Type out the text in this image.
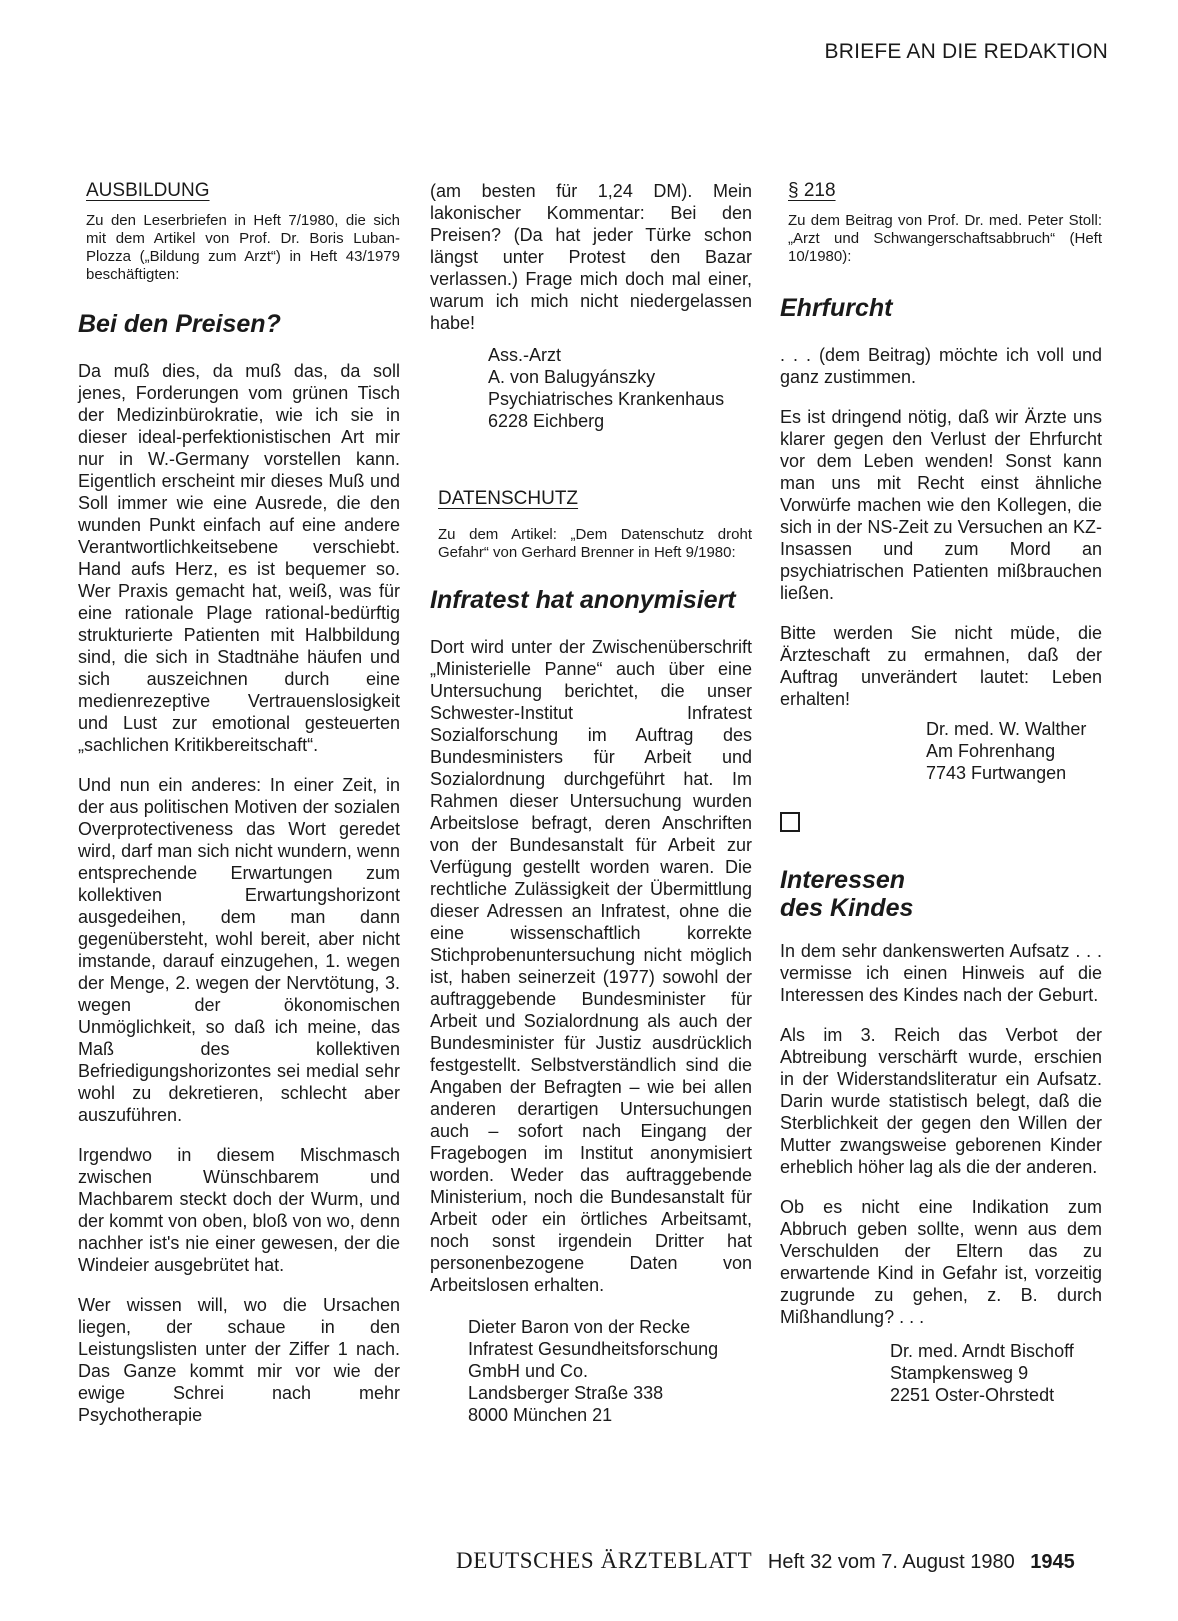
BRIEFE AN DIE REDAKTION
AUSBILDUNG

Zu den Leserbriefen in Heft 7/1980, die sich mit dem Artikel von Prof. Dr. Boris Luban-Plozza („Bildung zum Arzt“) in Heft 43/1979 beschäftigten:

Bei den Preisen?

Da muß dies, da muß das, da soll jenes, Forderungen vom grünen Tisch der Medizinbürokratie, wie ich sie in dieser ideal-perfektionistischen Art mir nur in W.-Germany vorstellen kann. Eigentlich erscheint mir dieses Muß und Soll immer wie eine Ausrede, die den wunden Punkt einfach auf eine andere Verantwortlichkeitsebene verschiebt. Hand aufs Herz, es ist bequemer so. Wer Praxis gemacht hat, weiß, was für eine rationale Plage rational-bedürftig strukturierte Patienten mit Halbbildung sind, die sich in Stadtnähe häufen und sich auszeichnen durch eine medienrezeptive Vertrauenslosigkeit und Lust zur emotional gesteuerten „sachlichen Kritikbereitschaft“.

Und nun ein anderes: In einer Zeit, in der aus politischen Motiven der sozialen Overprotectiveness das Wort geredet wird, darf man sich nicht wundern, wenn entsprechende Erwartungen zum kollektiven Erwartungshorizont ausgedeihen, dem man dann gegenübersteht, wohl bereit, aber nicht imstande, darauf einzugehen, 1. wegen der Menge, 2. wegen der Nervtötung, 3. wegen der ökonomischen Unmöglichkeit, so daß ich meine, das Maß des kollektiven Befriedigungshorizontes sei medial sehr wohl zu dekretieren, schlecht aber auszuführen.

Irgendwo in diesem Mischmasch zwischen Wünschbarem und Machbarem steckt doch der Wurm, und der kommt von oben, bloß von wo, denn nachher ist's nie einer gewesen, der die Windeier ausgebrütet hat.

Wer wissen will, wo die Ursachen liegen, der schaue in den Leistungslisten unter der Ziffer 1 nach. Das Ganze kommt mir vor wie der ewige Schrei nach mehr Psychotherapie

(am besten für 1,24 DM). Mein lakonischer Kommentar: Bei den Preisen? (Da hat jeder Türke schon längst unter Protest den Bazar verlassen.) Frage mich doch mal einer, warum ich mich nicht niedergelassen habe!

Ass.-Arzt
A. von Balugyánszky
Psychiatrisches Krankenhaus
6228 Eichberg
DATENSCHUTZ

Zu dem Artikel: „Dem Datenschutz droht Gefahr“ von Gerhard Brenner in Heft 9/1980:

Infratest hat anonymisiert

Dort wird unter der Zwischenüberschrift „Ministerielle Panne“ auch über eine Untersuchung berichtet, die unser Schwester-Institut Infratest Sozialforschung im Auftrag des Bundesministers für Arbeit und Sozialordnung durchgeführt hat. Im Rahmen dieser Untersuchung wurden Arbeitslose befragt, deren Anschriften von der Bundesanstalt für Arbeit zur Verfügung gestellt worden waren. Die rechtliche Zulässigkeit der Übermittlung dieser Adressen an Infratest, ohne die eine wissenschaftlich korrekte Stichprobenuntersuchung nicht möglich ist, haben seinerzeit (1977) sowohl der auftraggebende Bundesminister für Arbeit und Sozialordnung als auch der Bundesminister für Justiz ausdrücklich festgestellt. Selbstverständlich sind die Angaben der Befragten – wie bei allen anderen derartigen Untersuchungen auch – sofort nach Eingang der Fragebogen im Institut anonymisiert worden. Weder das auftraggebende Ministerium, noch die Bundesanstalt für Arbeit oder ein örtliches Arbeitsamt, noch sonst irgendein Dritter hat personenbezogene Daten von Arbeitslosen erhalten.

Dieter Baron von der Recke
Infratest Gesundheitsforschung
GmbH und Co.
Landsberger Straße 338
8000 München 21
§ 218

Zu dem Beitrag von Prof. Dr. med. Peter Stoll: „Arzt und Schwangerschaftsabbruch“ (Heft 10/1980):

Ehrfurcht

. . . (dem Beitrag) möchte ich voll und ganz zustimmen.

Es ist dringend nötig, daß wir Ärzte uns klarer gegen den Verlust der Ehrfurcht vor dem Leben wenden! Sonst kann man uns mit Recht einst ähnliche Vorwürfe machen wie den Kollegen, die sich in der NS-Zeit zu Versuchen an KZ-Insassen und zum Mord an psychiatrischen Patienten mißbrauchen ließen.

Bitte werden Sie nicht müde, die Ärzteschaft zu ermahnen, daß der Auftrag unverändert lautet: Leben erhalten!

Dr. med. W. Walther
Am Fohrenhang
7743 Furtwangen
Interessen
des Kindes

In dem sehr dankenswerten Aufsatz . . . vermisse ich einen Hinweis auf die Interessen des Kindes nach der Geburt.

Als im 3. Reich das Verbot der Abtreibung verschärft wurde, erschien in der Widerstandsliteratur ein Aufsatz. Darin wurde statistisch belegt, daß die Sterblichkeit der gegen den Willen der Mutter zwangsweise geborenen Kinder erheblich höher lag als die der anderen.

Ob es nicht eine Indikation zum Abbruch geben sollte, wenn aus dem Verschulden der Eltern das zu erwartende Kind in Gefahr ist, vorzeitig zugrunde zu gehen, z. B. durch Mißhandlung? . . .

Dr. med. Arndt Bischoff
Stampkensweg 9
2251 Oster-Ohrstedt
DEUTSCHES ÄRZTEBLATT Heft 32 vom 7. August 1980 1945
